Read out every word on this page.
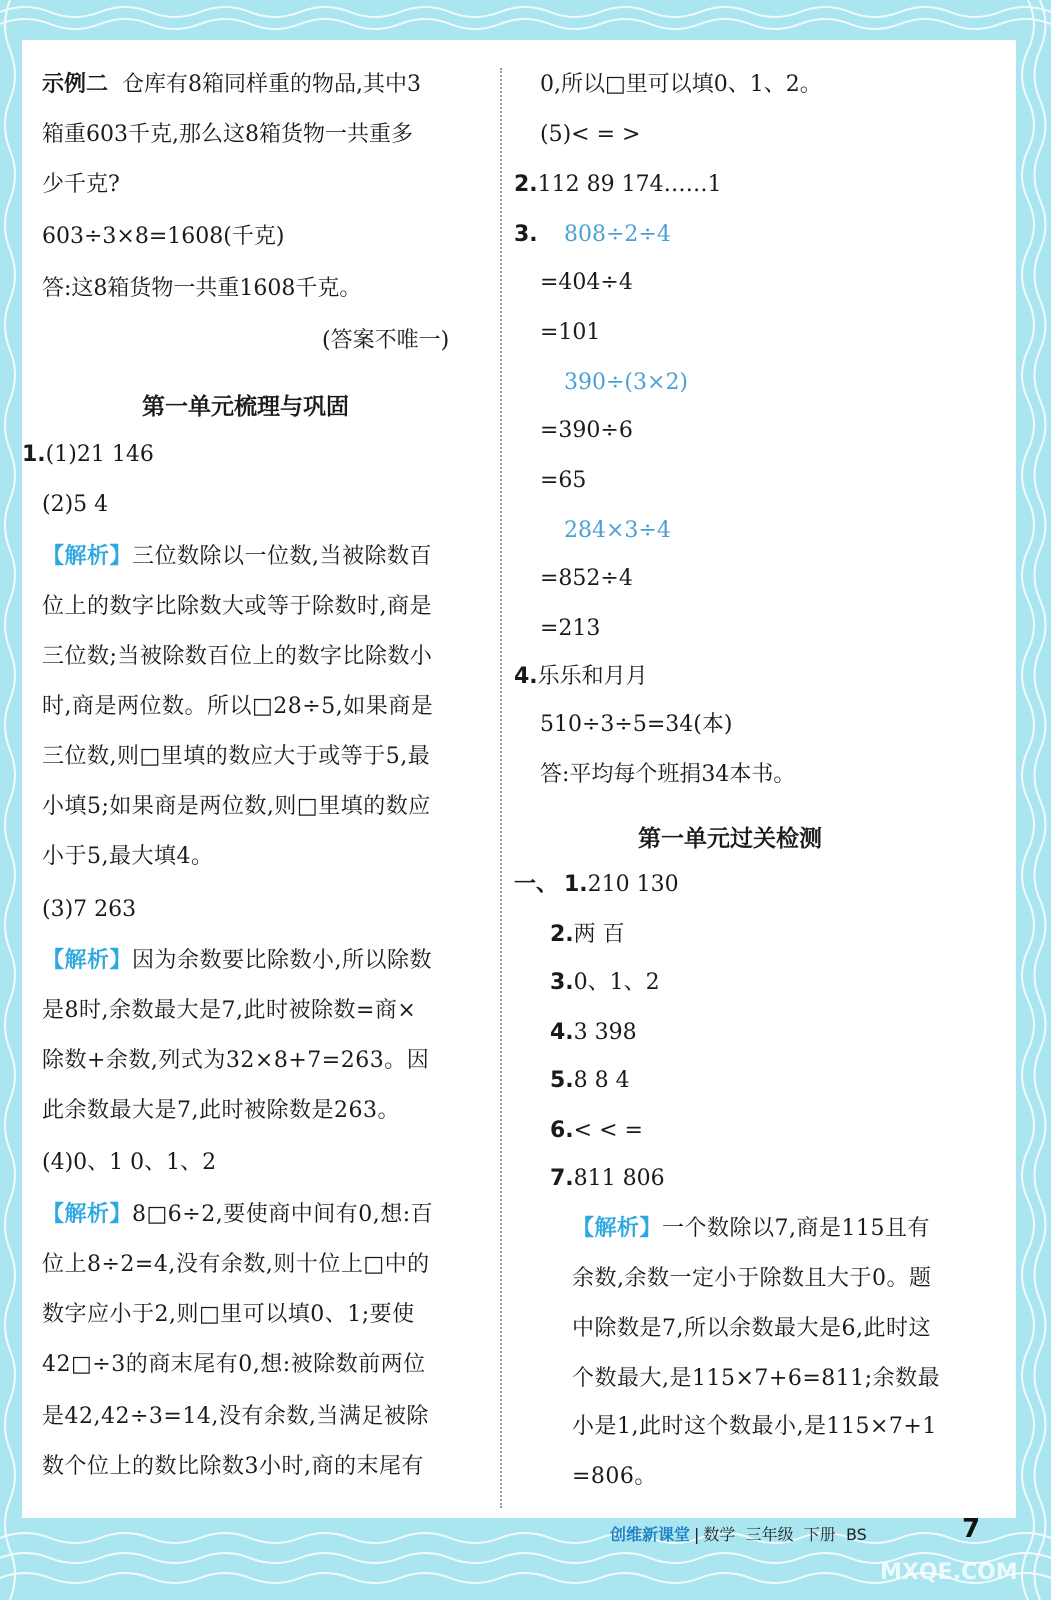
示例二 仓库有8箱同样重的物品,其中3
箱重603千克,那么这8箱货物一共重多
少千克?
603÷3×8=1608(千克)
答:这8箱货物一共重1608千克。
(答案不唯一)
第一单元梳理与巩固
1.(1)21 146
(2)5 4
【解析】三位数除以一位数,当被除数百
位上的数字比除数大或等于除数时,商是
三位数;当被除数百位上的数字比除数小
时,商是两位数。所以□28÷5,如果商是
三位数,则□里填的数应大于或等于5,最
小填5;如果商是两位数,则□里填的数应
小于5,最大填4。
(3)7 263
【解析】因为余数要比除数小,所以除数
是8时,余数最大是7,此时被除数=商×
除数+余数,列式为32×8+7=263。因
此余数最大是7,此时被除数是263。
(4)0、1 0、1、2
【解析】8□6÷2,要使商中间有0,想:百
位上8÷2=4,没有余数,则十位上□中的
数字应小于2,则□里可以填0、1;要使
42□÷3的商末尾有0,想:被除数前两位
是42,42÷3=14,没有余数,当满足被除
数个位上的数比除数3小时,商的末尾有
0,所以□里可以填0、1、2。
(5)< = >
2.112 89 174……1
3. 808÷2÷4
=404÷4
=101
390÷(3×2)
=390÷6
=65
284×3÷4
=852÷4
=213
4.乐乐和月月
510÷3÷5=34(本)
答:平均每个班捐34本书。
第一单元过关检测
一、 1.210 130
2.两 百
3.0、1、2
4.3 398
5.8 8 4
6.< < =
7.811 806
【解析】一个数除以7,商是115且有
余数,余数一定小于除数且大于0。题
中除数是7,所以余数最大是6,此时这
个数最大,是115×7+6=811;余数最
小是1,此时这个数最小,是115×7+1
=806。
答案圈
创维新课堂 | 数学 三年级 下册 BS	7
MXQE.COM
